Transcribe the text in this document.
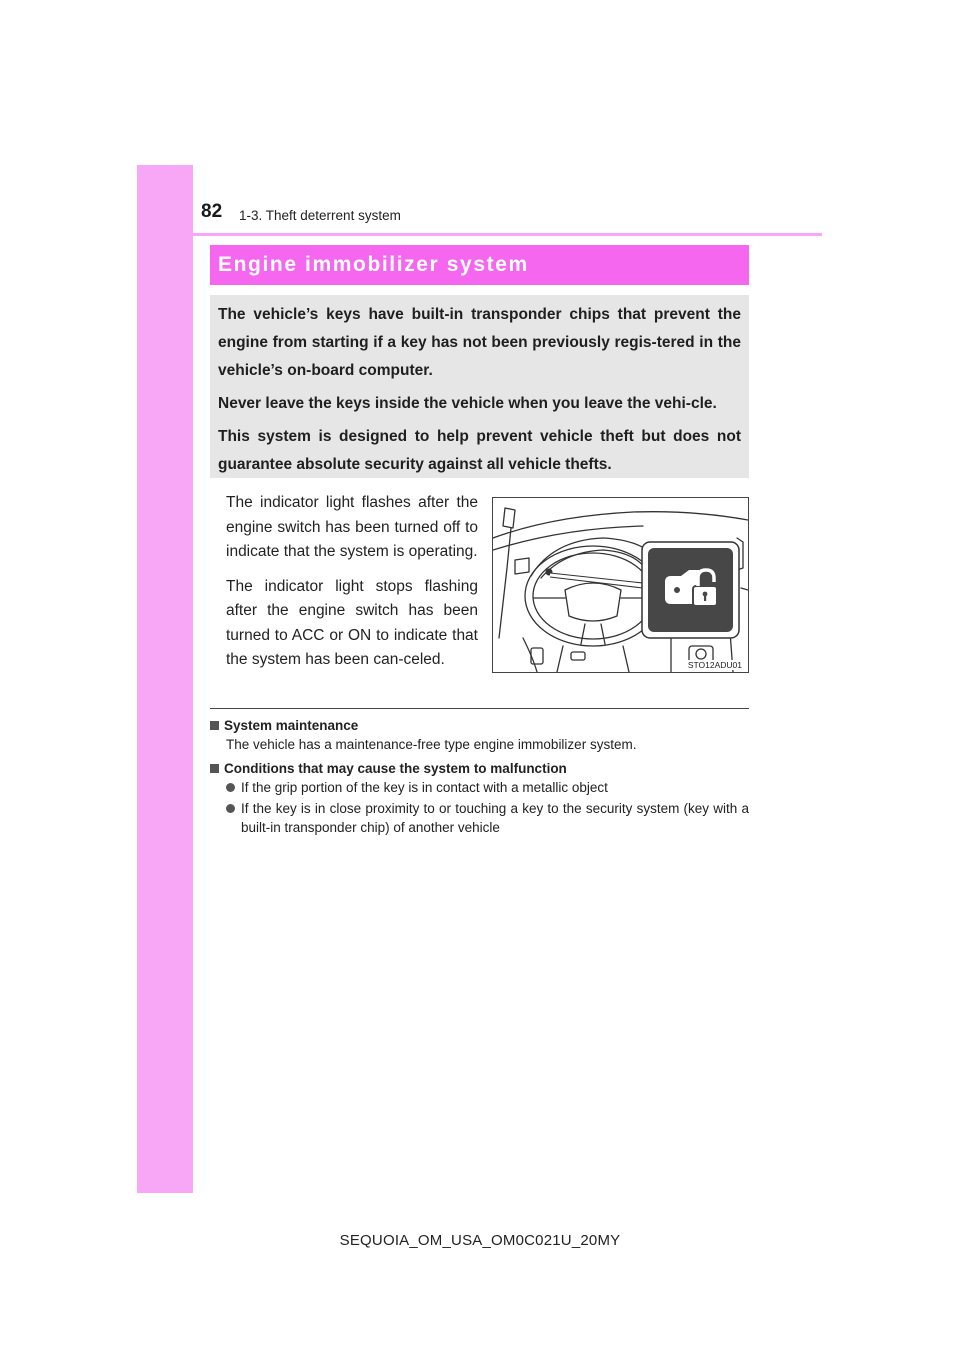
82 1-3. Theft deterrent system
Engine immobilizer system

The vehicle’s keys have built-in transponder chips that prevent the engine from starting if a key has not been previously regis-tered in the vehicle’s on-board computer.

Never leave the keys inside the vehicle when you leave the vehi-cle.

This system is designed to help prevent vehicle theft but does not guarantee absolute security against all vehicle thefts.

The indicator light flashes after the engine switch has been turned off to indicate that the system is operating.

The indicator light stops flashing after the engine switch has been turned to ACC or ON to indicate that the system has been can-celed.	STO12ADU01

System maintenance

The vehicle has a maintenance-free type engine immobilizer system.

Conditions that may cause the system to malfunction

If the grip portion of the key is in contact with a metallic object
If the key is in close proximity to or touching a key to the security system (key with a built-in transponder chip) of another vehicle
SEQUOIA_OM_USA_OM0C021U_20MY
